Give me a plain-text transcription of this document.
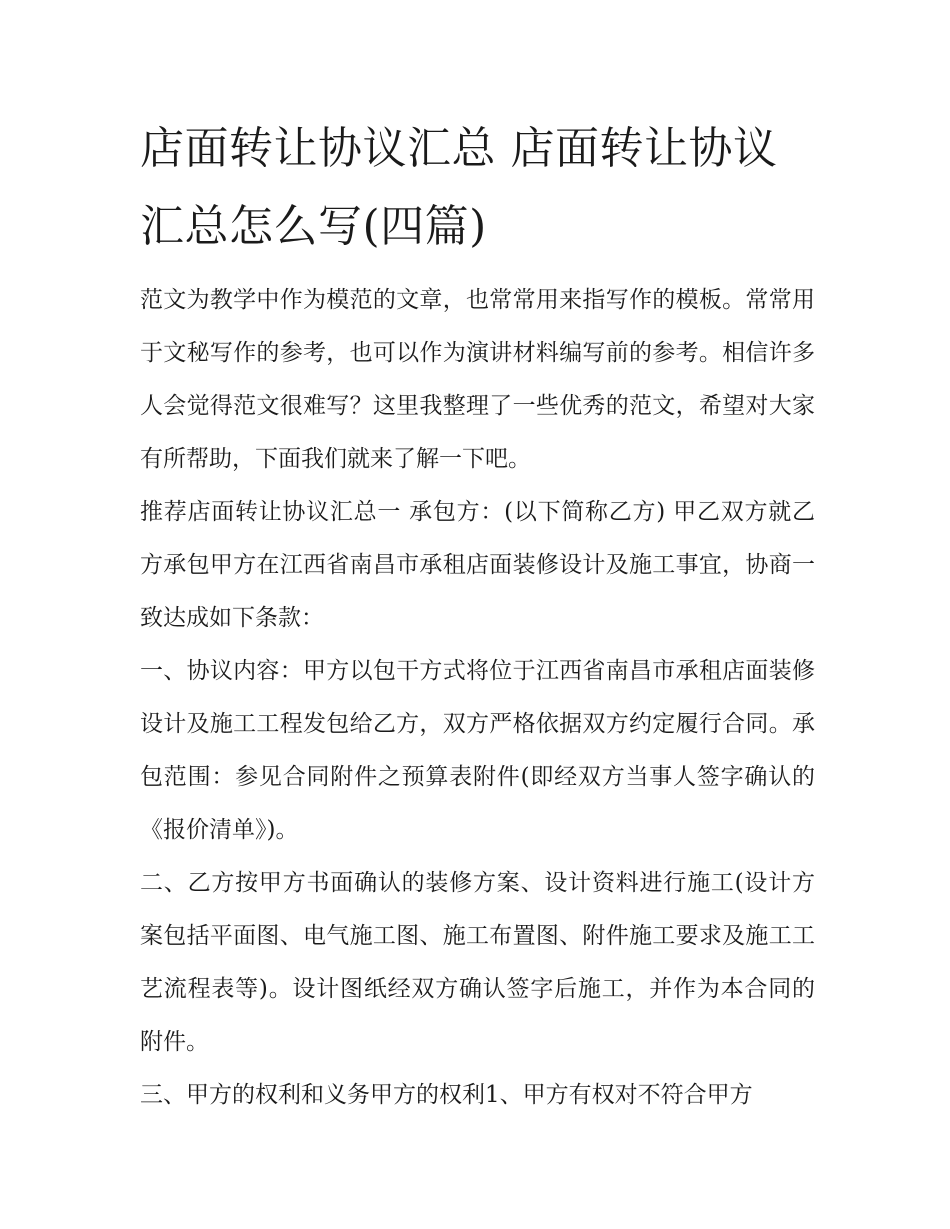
店面转让协议汇总 店面转让协议汇总怎么写(四篇)

范文为教学中作为模范的文章，也常常用来指写作的模板。常常用于文秘写作的参考，也可以作为演讲材料编写前的参考。相信许多人会觉得范文很难写？这里我整理了一些优秀的范文，希望对大家有所帮助，下面我们就来了解一下吧。

推荐店面转让协议汇总一 承包方：(以下简称乙方) 甲乙双方就乙方承包甲方在江西省南昌市承租店面装修设计及施工事宜，协商一致达成如下条款：

一、协议内容：甲方以包干方式将位于江西省南昌市承租店面装修设计及施工工程发包给乙方，双方严格依据双方约定履行合同。承包范围：参见合同附件之预算表附件(即经双方当事人签字确认的《报价清单》)。

二、乙方按甲方书面确认的装修方案、设计资料进行施工(设计方案包括平面图、电气施工图、施工布置图、附件施工要求及施工工艺流程表等)。设计图纸经双方确认签字后施工，并作为本合同的附件。

三、甲方的权利和义务甲方的权利1、甲方有权对不符合甲方
